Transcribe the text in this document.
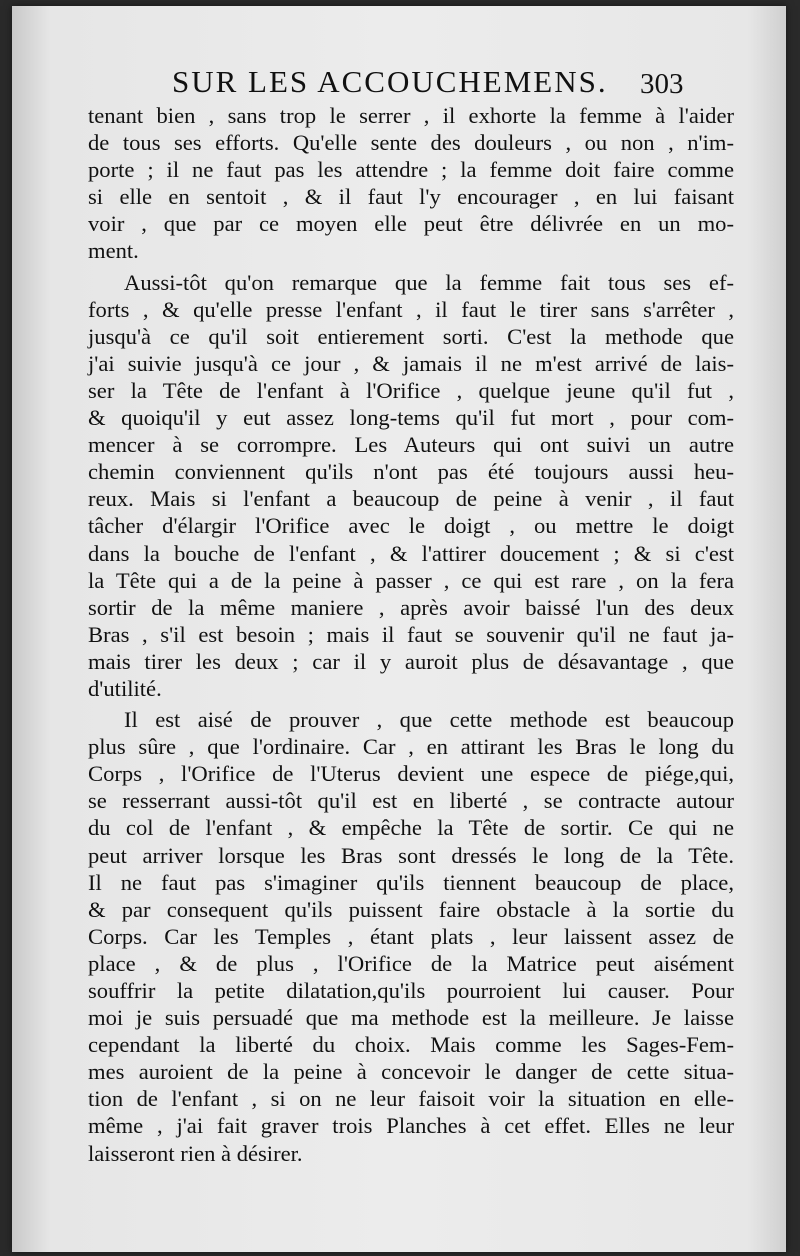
SUR LES ACCOUCHEMENS. 303
tenant bien , sans trop le serrer , il exhorte la femme à l'aider
de tous ses efforts. Qu'elle sente des douleurs , ou non , n'im-
porte ; il ne faut pas les attendre ; la femme doit faire comme
si elle en sentoit , & il faut l'y encourager , en lui faisant
voir , que par ce moyen elle peut être délivrée en un mo-
ment.
Aussi-tôt qu'on remarque que la femme fait tous ses ef-
forts , & qu'elle presse l'enfant , il faut le tirer sans s'arrêter ,
jusqu'à ce qu'il soit entierement sorti. C'est la methode que
j'ai suivie jusqu'à ce jour , & jamais il ne m'est arrivé de lais-
ser la Tête de l'enfant à l'Orifice , quelque jeune qu'il fut ,
& quoiqu'il y eut assez long-tems qu'il fut mort , pour com-
mencer à se corrompre. Les Auteurs qui ont suivi un autre
chemin conviennent qu'ils n'ont pas été toujours aussi heu-
reux. Mais si l'enfant a beaucoup de peine à venir , il faut
tâcher d'élargir l'Orifice avec le doigt , ou mettre le doigt
dans la bouche de l'enfant , & l'attirer doucement ; & si c'est
la Tête qui a de la peine à passer , ce qui est rare , on la fera
sortir de la même maniere , après avoir baissé l'un des deux
Bras , s'il est besoin ; mais il faut se souvenir qu'il ne faut ja-
mais tirer les deux ; car il y auroit plus de désavantage , que
d'utilité.
Il est aisé de prouver , que cette methode est beaucoup
plus sûre , que l'ordinaire. Car , en attirant les Bras le long du
Corps , l'Orifice de l'Uterus devient une espece de piége,qui,
se resserrant aussi-tôt qu'il est en liberté , se contracte autour
du col de l'enfant , & empêche la Tête de sortir. Ce qui ne
peut arriver lorsque les Bras sont dressés le long de la Tête.
Il ne faut pas s'imaginer qu'ils tiennent beaucoup de place,
& par consequent qu'ils puissent faire obstacle à la sortie du
Corps. Car les Temples , étant plats , leur laissent assez de
place , & de plus , l'Orifice de la Matrice peut aisément
souffrir la petite dilatation,qu'ils pourroient lui causer. Pour
moi je suis persuadé que ma methode est la meilleure. Je laisse
cependant la liberté du choix. Mais comme les Sages-Fem-
mes auroient de la peine à concevoir le danger de cette situa-
tion de l'enfant , si on ne leur faisoit voir la situation en elle-
même , j'ai fait graver trois Planches à cet effet. Elles ne leur
laisseront rien à désirer.
